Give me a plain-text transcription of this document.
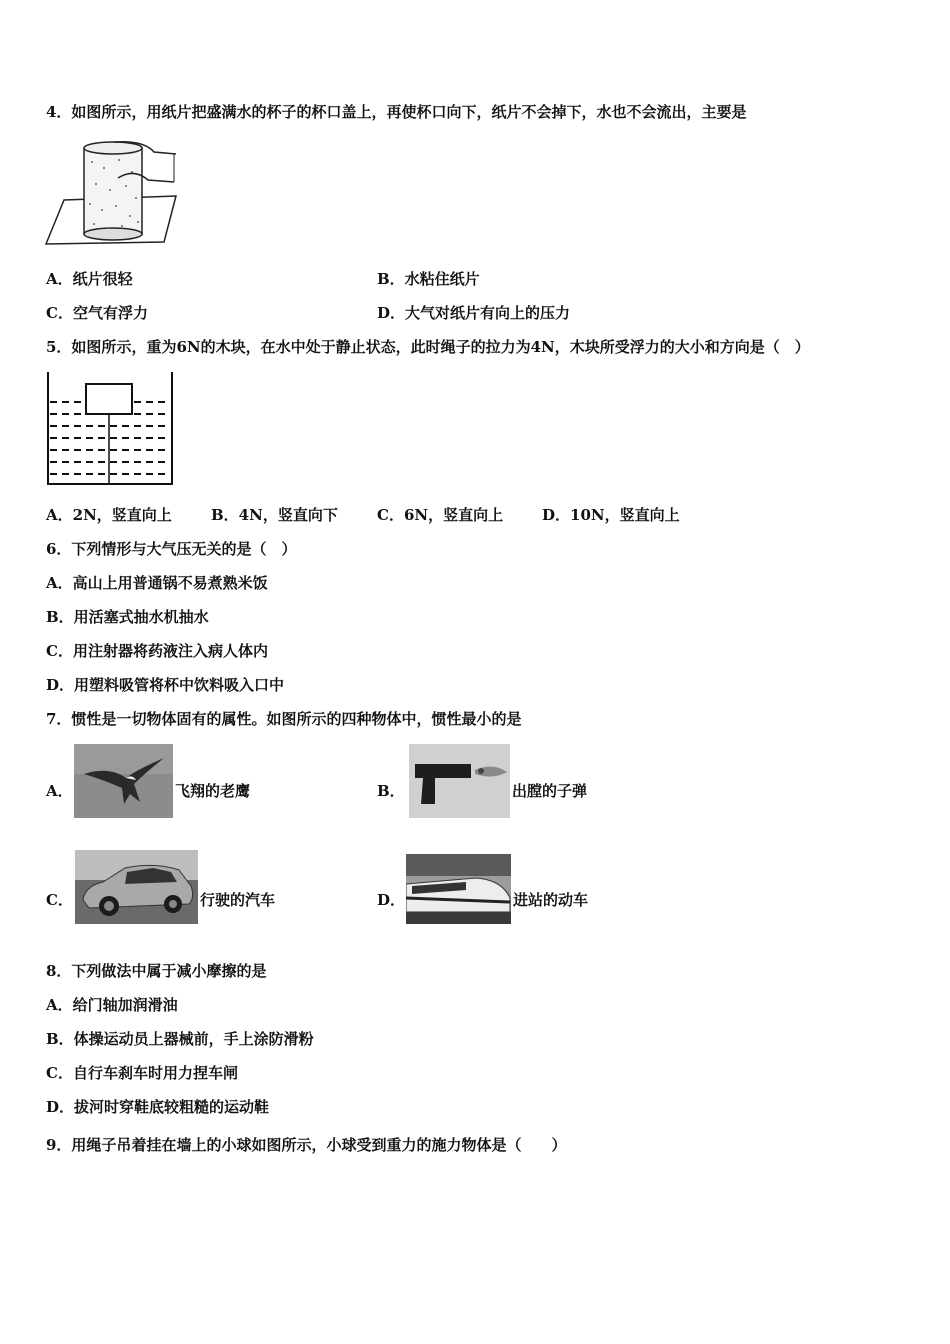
4．如图所示，用纸片把盛满水的杯子的杯口盖上，再使杯口向下，纸片不会掉下，水也不会流出，主要是
A．纸片很轻	B．水粘住纸片
C．空气有浮力	D．大气对纸片有向上的压力
5．如图所示，重为6N的木块，在水中处于静止状态，此时绳子的拉力为4N，木块所受浮力的大小和方向是（　）
A．2N，竖直向上	B．4N，竖直向下	C．6N，竖直向上	D．10N，竖直向上
6．下列情形与大气压无关的是（　）
A．高山上用普通锅不易煮熟米饭
B．用活塞式抽水机抽水
C．用注射器将药液注入病人体内
D．用塑料吸管将杯中饮料吸入口中
7．惯性是一切物体固有的属性。如图所示的四种物体中，惯性最小的是
A．	飞翔的老鹰	B．	出膛的子弹
C．	行驶的汽车	D．	进站的动车
8．下列做法中属于减小摩擦的是
A．给门轴加润滑油
B．体操运动员上器械前，手上涂防滑粉
C．自行车刹车时用力捏车闸
D．拔河时穿鞋底较粗糙的运动鞋
9．用绳子吊着挂在墙上的小球如图所示，小球受到重力的施力物体是（　　）
